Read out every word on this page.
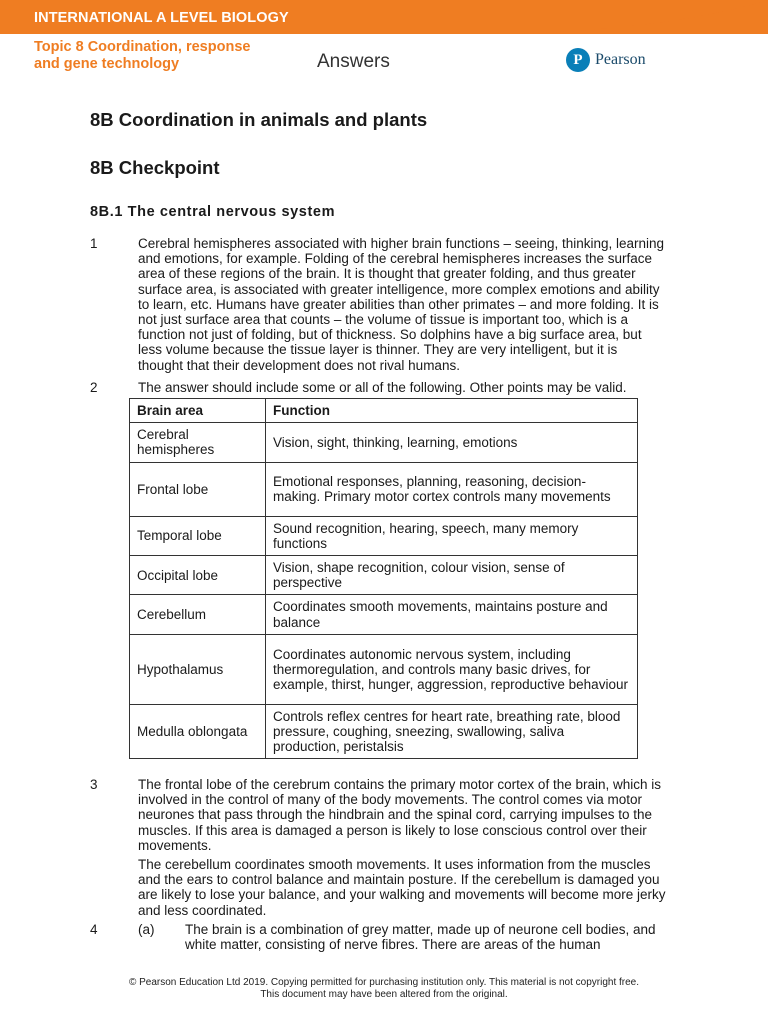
INTERNATIONAL A LEVEL BIOLOGY
Topic 8 Coordination, response
and gene technology	Answers	P Pearson
8B Coordination in animals and plants
8B Checkpoint
8B.1 The central nervous system
1	Cerebral hemispheres associated with higher brain functions – seeing, thinking, learning and emotions, for example. Folding of the cerebral hemispheres increases the surface area of these regions of the brain. It is thought that greater folding, and thus greater surface area, is associated with greater intelligence, more complex emotions and ability to learn, etc. Humans have greater abilities than other primates – and more folding. It is not just surface area that counts – the volume of tissue is important too, which is a function not just of folding, but of thickness. So dolphins have a big surface area, but less volume because the tissue layer is thinner. They are very intelligent, but it is thought that their development does not rival humans.

2	The answer should include some or all of the following. Other points may be valid.

Brain area	Function
Cerebral hemispheres	Vision, sight, thinking, learning, emotions
Frontal lobe	Emotional responses, planning, reasoning, decision-making. Primary motor cortex controls many movements
Temporal lobe	Sound recognition, hearing, speech, many memory functions
Occipital lobe	Vision, shape recognition, colour vision, sense of perspective
Cerebellum	Coordinates smooth movements, maintains posture and balance
Hypothalamus	Coordinates autonomic nervous system, including thermoregulation, and controls many basic drives, for example, thirst, hunger, aggression, reproductive behaviour
Medulla oblongata	Controls reflex centres for heart rate, breathing rate, blood pressure, coughing, sneezing, swallowing, saliva production, peristalsis
3	The frontal lobe of the cerebrum contains the primary motor cortex of the brain, which is involved in the control of many of the body movements. The control comes via motor neurones that pass through the hindbrain and the spinal cord, carrying impulses to the muscles. If this area is damaged a person is likely to lose conscious control over their movements.

The cerebellum coordinates smooth movements. It uses information from the muscles and the ears to control balance and maintain posture. If the cerebellum is damaged you are likely to lose your balance, and your walking and movements will become more jerky and less coordinated.

4	(a) The brain is a combination of grey matter, made up of neurone cell bodies, and white matter, consisting of nerve fibres. There are areas of the human

© Pearson Education Ltd 2019. Copying permitted for purchasing institution only. This material is not copyright free.
This document may have been altered from the original.
